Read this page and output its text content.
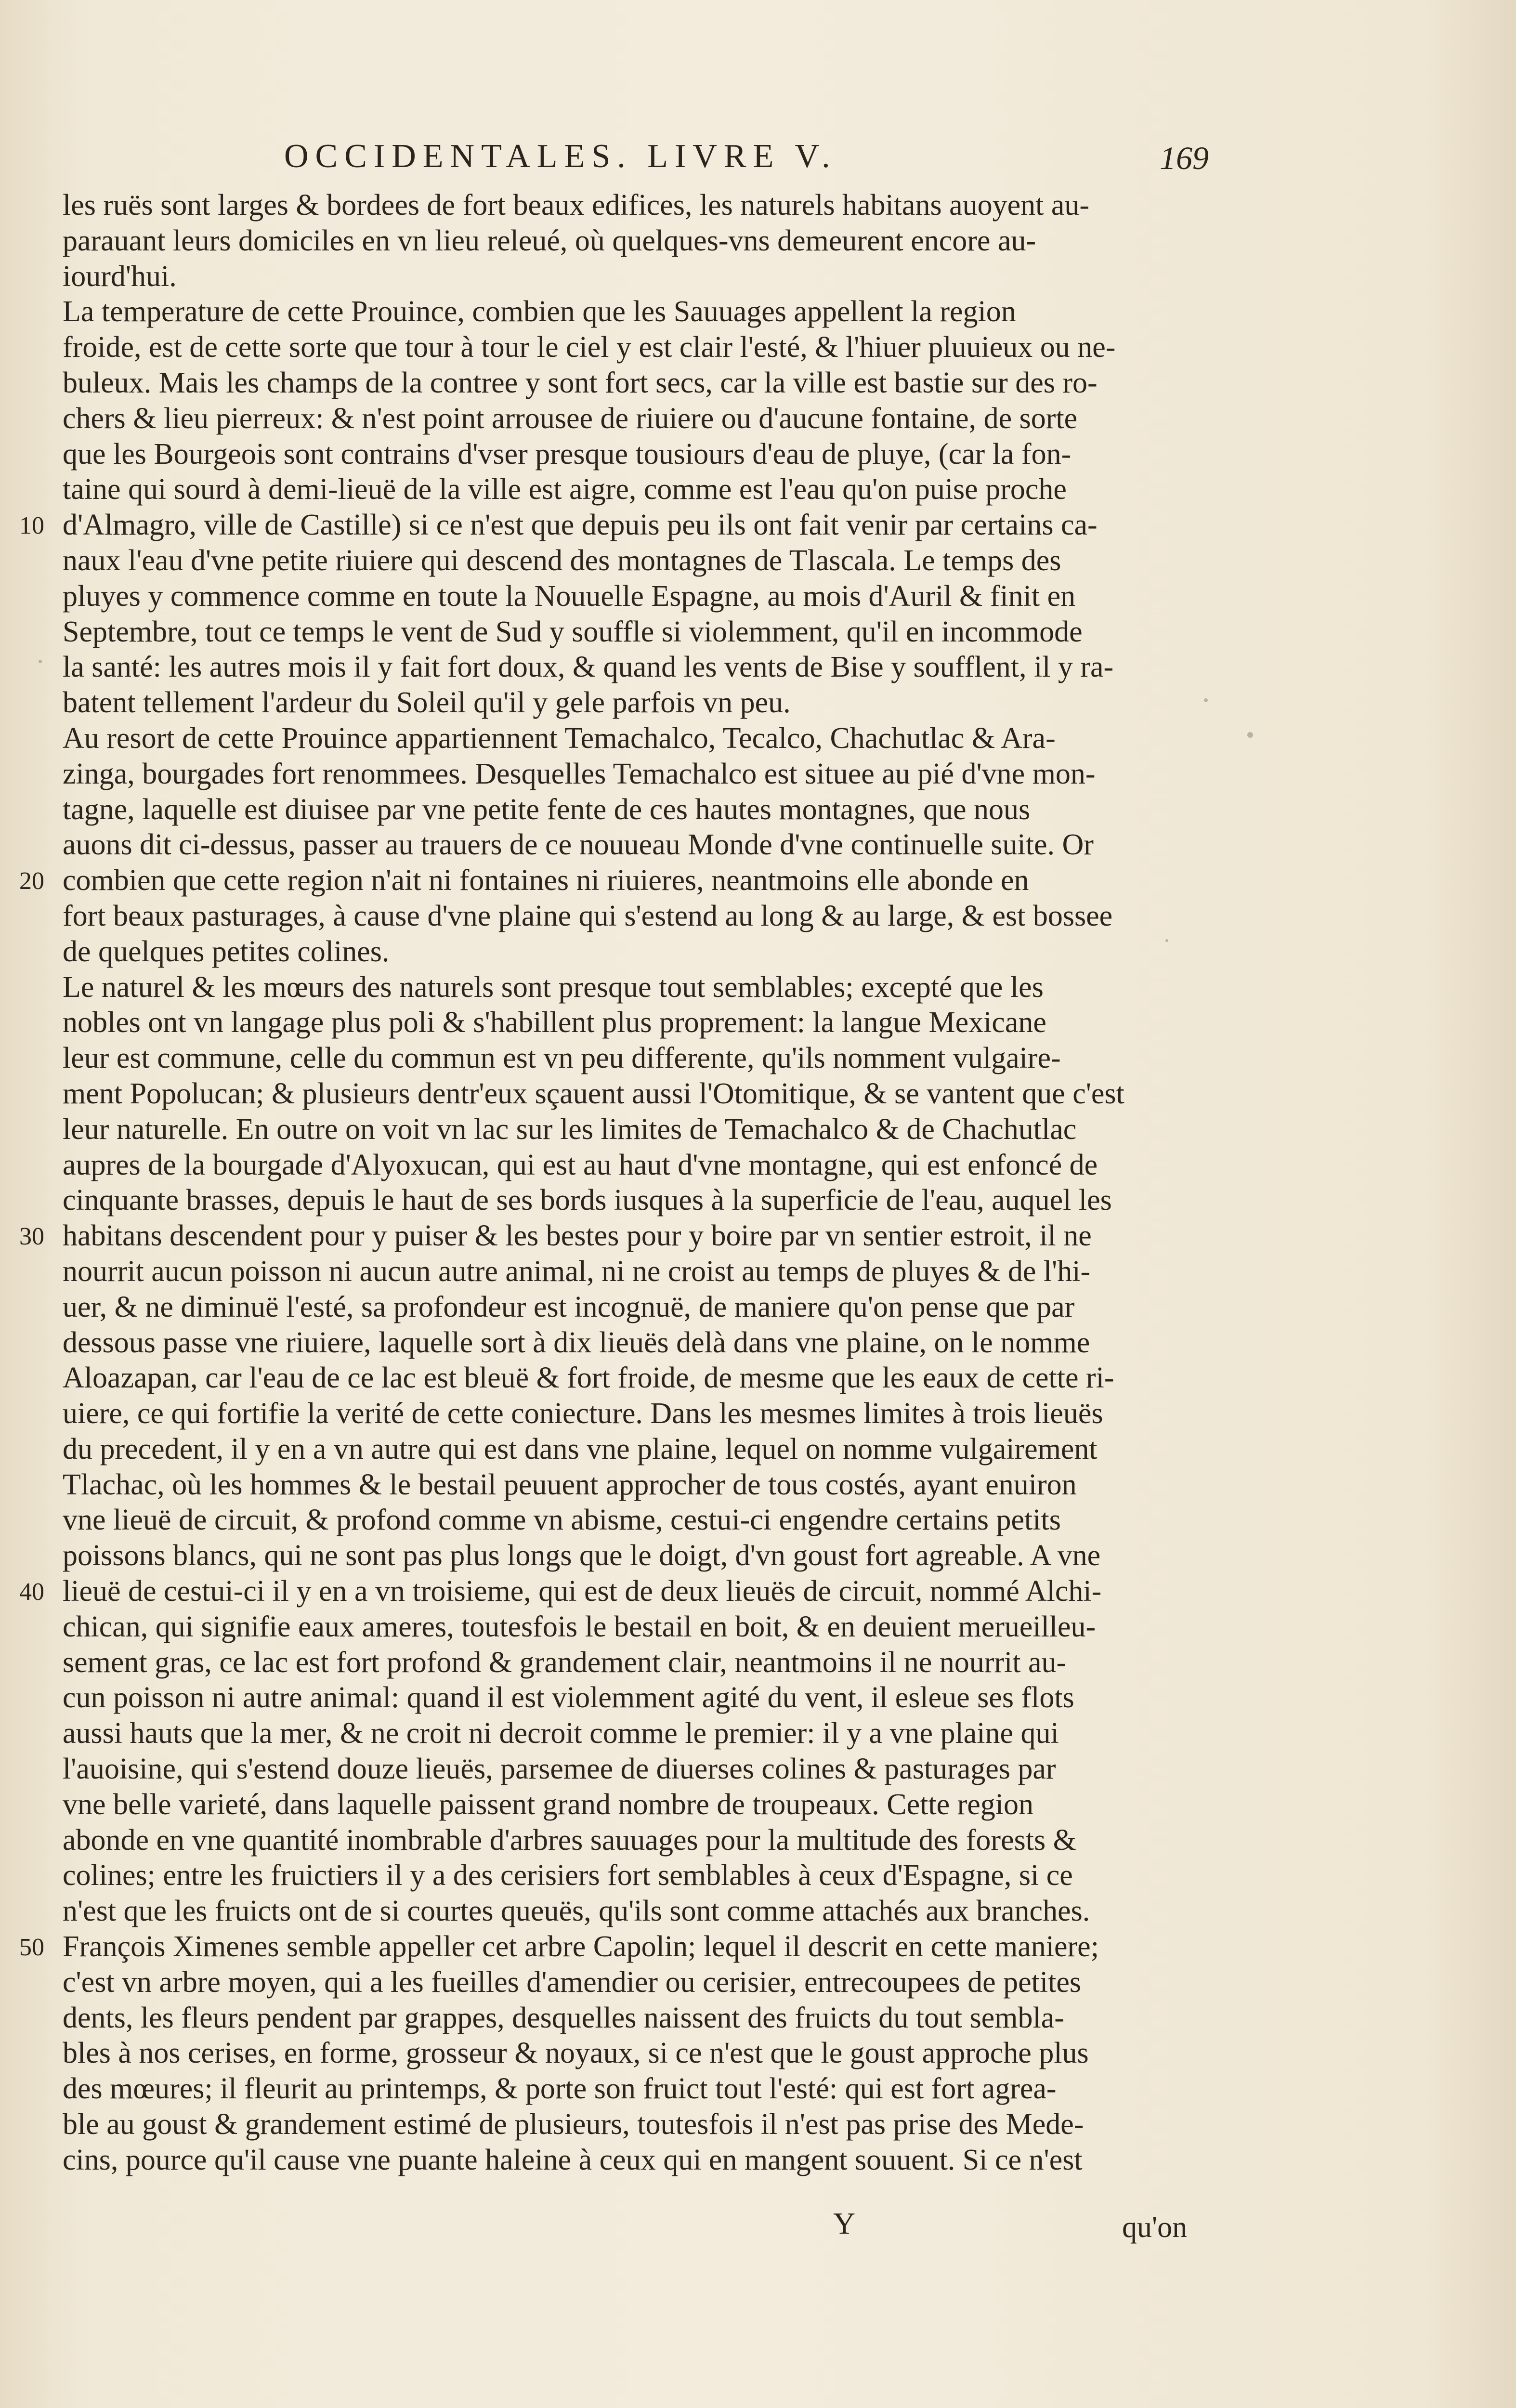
OCCIDENTALES. LIVRE V.	169
10
20
30
40
50
les ruës sont larges & bordees de fort beaux edifices, les naturels habitans auoyent au-
parauant leurs domiciles en vn lieu releué, où quelques-vns demeurent encore au-
iourd'hui.
La temperature de cette Prouince, combien que les Sauuages appellent la region
froide, est de cette sorte que tour à tour le ciel y est clair l'esté, & l'hiuer pluuieux ou ne-
buleux. Mais les champs de la contree y sont fort secs, car la ville est bastie sur des ro-
chers & lieu pierreux: & n'est point arrousee de riuiere ou d'aucune fontaine, de sorte
que les Bourgeois sont contrains d'vser presque tousiours d'eau de pluye, (car la fon-
taine qui sourd à demi-lieuë de la ville est aigre, comme est l'eau qu'on puise proche
d'Almagro, ville de Castille) si ce n'est que depuis peu ils ont fait venir par certains ca-
naux l'eau d'vne petite riuiere qui descend des montagnes de Tlascala. Le temps des
pluyes y commence comme en toute la Nouuelle Espagne, au mois d'Auril & finit en
Septembre, tout ce temps le vent de Sud y souffle si violemment, qu'il en incommode
la santé: les autres mois il y fait fort doux, & quand les vents de Bise y soufflent, il y ra-
batent tellement l'ardeur du Soleil qu'il y gele parfois vn peu.
Au resort de cette Prouince appartiennent Temachalco, Tecalco, Chachutlac & Ara-
zinga, bourgades fort renommees. Desquelles Temachalco est situee au pié d'vne mon-
tagne, laquelle est diuisee par vne petite fente de ces hautes montagnes, que nous
auons dit ci-dessus, passer au trauers de ce nouueau Monde d'vne continuelle suite. Or
combien que cette region n'ait ni fontaines ni riuieres, neantmoins elle abonde en
fort beaux pasturages, à cause d'vne plaine qui s'estend au long & au large, & est bossee
de quelques petites colines.
Le naturel & les mœurs des naturels sont presque tout semblables; excepté que les
nobles ont vn langage plus poli & s'habillent plus proprement: la langue Mexicane
leur est commune, celle du commun est vn peu differente, qu'ils nomment vulgaire-
ment Popolucan; & plusieurs dentr'eux sçauent aussi l'Otomitique, & se vantent que c'est
leur naturelle. En outre on voit vn lac sur les limites de Temachalco & de Chachutlac
aupres de la bourgade d'Alyoxucan, qui est au haut d'vne montagne, qui est enfoncé de
cinquante brasses, depuis le haut de ses bords iusques à la superficie de l'eau, auquel les
habitans descendent pour y puiser & les bestes pour y boire par vn sentier estroit, il ne
nourrit aucun poisson ni aucun autre animal, ni ne croist au temps de pluyes & de l'hi-
uer, & ne diminuë l'esté, sa profondeur est incognuë, de maniere qu'on pense que par
dessous passe vne riuiere, laquelle sort à dix lieuës delà dans vne plaine, on le nomme
Aloazapan, car l'eau de ce lac est bleuë & fort froide, de mesme que les eaux de cette ri-
uiere, ce qui fortifie la verité de cette coniecture. Dans les mesmes limites à trois lieuës
du precedent, il y en a vn autre qui est dans vne plaine, lequel on nomme vulgairement
Tlachac, où les hommes & le bestail peuuent approcher de tous costés, ayant enuiron
vne lieuë de circuit, & profond comme vn abisme, cestui-ci engendre certains petits
poissons blancs, qui ne sont pas plus longs que le doigt, d'vn goust fort agreable. A vne
lieuë de cestui-ci il y en a vn troisieme, qui est de deux lieuës de circuit, nommé Alchi-
chican, qui signifie eaux ameres, toutesfois le bestail en boit, & en deuient merueilleu-
sement gras, ce lac est fort profond & grandement clair, neantmoins il ne nourrit au-
cun poisson ni autre animal: quand il est violemment agité du vent, il esleue ses flots
aussi hauts que la mer, & ne croit ni decroit comme le premier: il y a vne plaine qui
l'auoisine, qui s'estend douze lieuës, parsemee de diuerses colines & pasturages par
vne belle varieté, dans laquelle paissent grand nombre de troupeaux. Cette region
abonde en vne quantité inombrable d'arbres sauuages pour la multitude des forests &
colines; entre les fruictiers il y a des cerisiers fort semblables à ceux d'Espagne, si ce
n'est que les fruicts ont de si courtes queuës, qu'ils sont comme attachés aux branches.
François Ximenes semble appeller cet arbre Capolin; lequel il descrit en cette maniere;
c'est vn arbre moyen, qui a les fueilles d'amendier ou cerisier, entrecoupees de petites
dents, les fleurs pendent par grappes, desquelles naissent des fruicts du tout sembla-
bles à nos cerises, en forme, grosseur & noyaux, si ce n'est que le goust approche plus
des mœures; il fleurit au printemps, & porte son fruict tout l'esté: qui est fort agrea-
ble au goust & grandement estimé de plusieurs, toutesfois il n'est pas prise des Mede-
cins, pource qu'il cause vne puante haleine à ceux qui en mangent souuent. Si ce n'est
Y	qu'on
